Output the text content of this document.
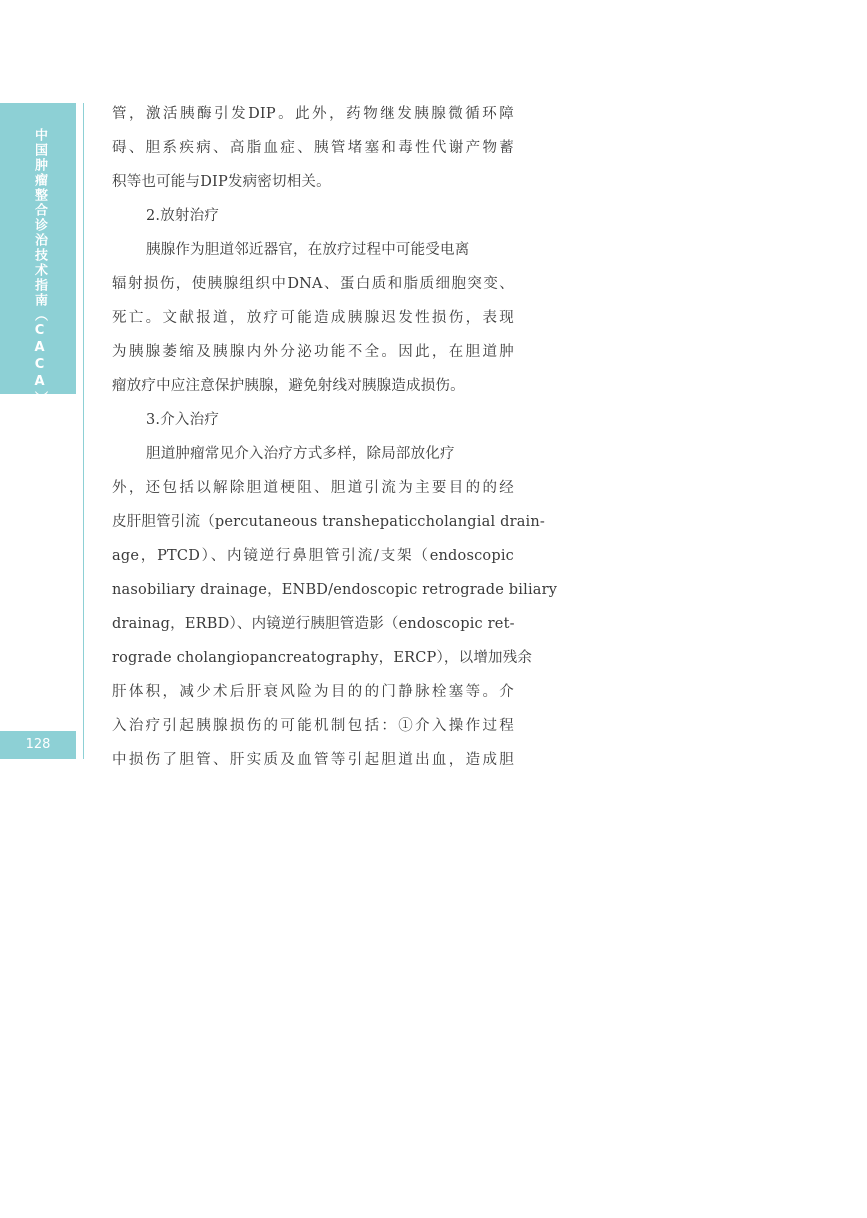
中国肿瘤整合诊治技术指南（CACA）
128
管，激活胰酶引发DIP。此外，药物继发胰腺微循环障
碍、胆系疾病、高脂血症、胰管堵塞和毒性代谢产物蓄
积等也可能与DIP发病密切相关。
2.放射治疗
胰腺作为胆道邻近器官，在放疗过程中可能受电离
辐射损伤，使胰腺组织中DNA、蛋白质和脂质细胞突变、
死亡。文献报道，放疗可能造成胰腺迟发性损伤，表现
为胰腺萎缩及胰腺内外分泌功能不全。因此，在胆道肿
瘤放疗中应注意保护胰腺，避免射线对胰腺造成损伤。
3.介入治疗
胆道肿瘤常见介入治疗方式多样，除局部放化疗
外，还包括以解除胆道梗阻、胆道引流为主要目的的经
皮肝胆管引流（percutaneous transhepaticcholangial drain-
age，PTCD）、内镜逆行鼻胆管引流/支架（endoscopic
nasobiliary drainage，ENBD/endoscopic retrograde biliary
drainag，ERBD）、内镜逆行胰胆管造影（endoscopic ret-
rograde cholangiopancreatography，ERCP），以增加残余
肝体积，减少术后肝衰风险为目的的门静脉栓塞等。介
入治疗引起胰腺损伤的可能机制包括：①介入操作过程
中损伤了胆管、肝实质及血管等引起胆道出血，造成胆
